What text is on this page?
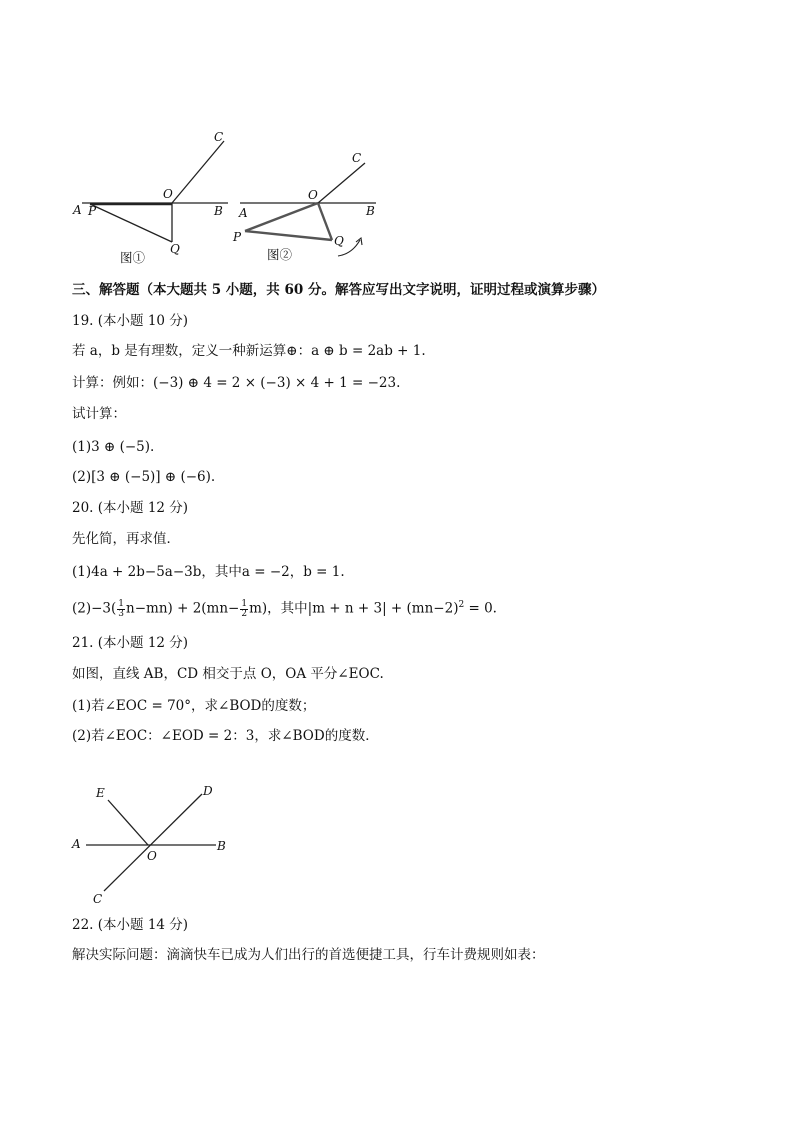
C
O
A P	B
Q
图①
C
O
B
A
P	Q
图②
E	D
A	B
O
C
三、解答题（本大题共 5 小题，共 60 分。解答应写出文字说明，证明过程或演算步骤）
19. (本小题 10 分)
若 a，b 是有理数，定义一种新运算⊕：a ⊕ b = 2ab + 1.
计算：例如：(−3) ⊕ 4 = 2 × (−3) × 4 + 1 = −23.
试计算：
(1)3 ⊕ (−5).
(2)[3 ⊕ (−5)] ⊕ (−6).
20. (本小题 12 分)
先化简，再求值．
(1)4a + 2b−5a−3b，其中a = −2，b = 1.
$(2)-3( \frac{1}{3} n-mn) + 2(mn- \frac{1}{2} m)$，其中$|m + n + 3| + (mn-2)^2 = 0$.
21. (本小题 12 分)
如图，直线 AB，CD 相交于点 O，OA 平分∠EOC.
(1)若∠EOC = 70°，求∠BOD的度数；
(2)若∠EOC：∠EOD = 2：3，求∠BOD的度数．
22. (本小题 14 分)
解决实际问题：滴滴快车已成为人们出行的首选便捷工具，行车计费规则如表：
